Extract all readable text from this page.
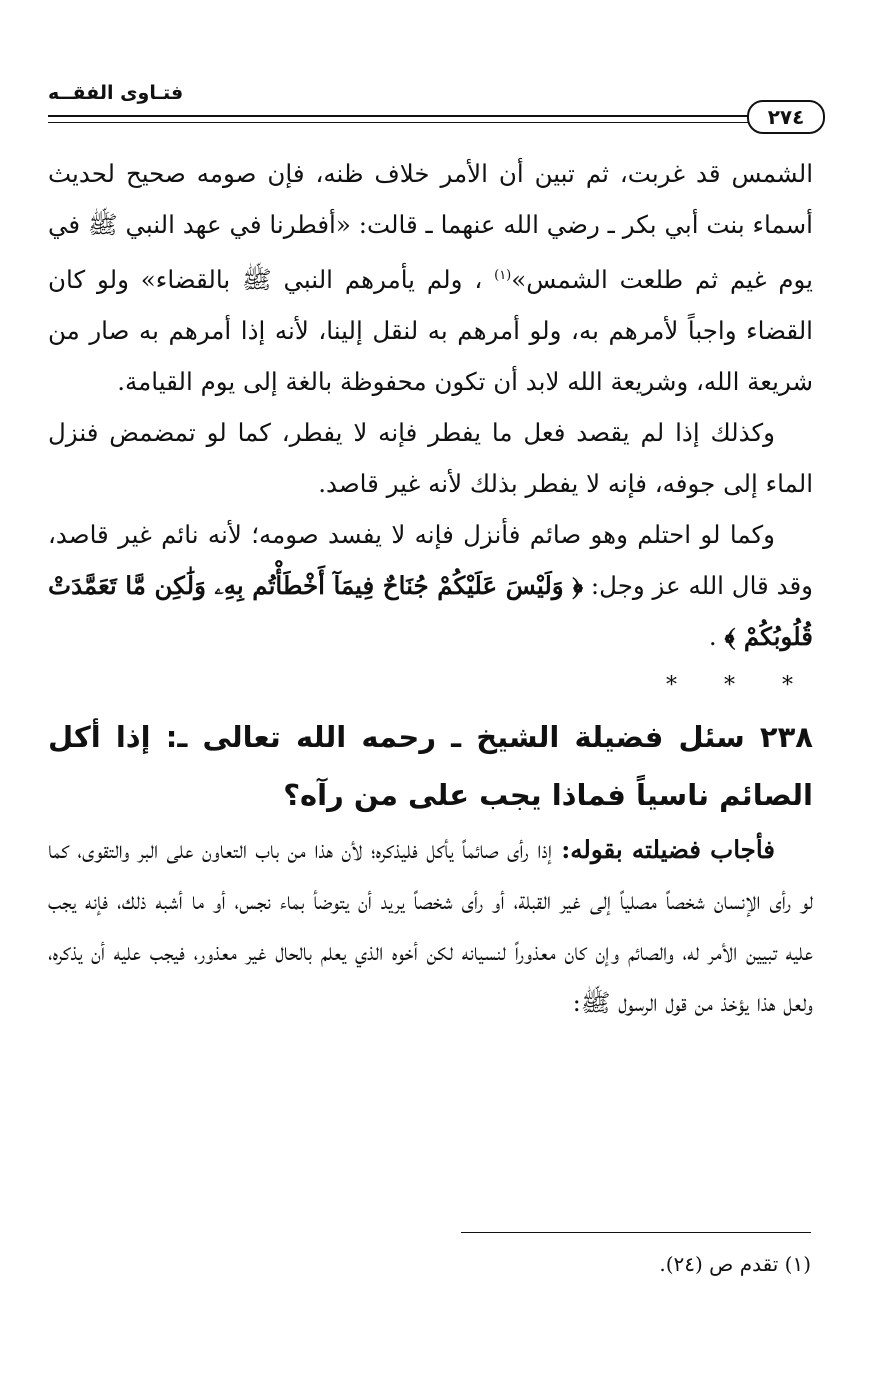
فتـاوى الفقــه
٢٧٤

الشمس قد غربت، ثم تبين أن الأمر خلاف ظنه، فإن صومه صحيح لحديث أسماء بنت أبي بكر ـ رضي الله عنهما ـ قالت: «أفطرنا في عهد النبي ﷺ في يوم غيم ثم طلعت الشمس»$^{(١)}$ ، ولم يأمرهم النبي ﷺ بالقضاء» ولو كان القضاء واجباً لأمرهم به، ولو أمرهم به لنقل إلينا، لأنه إذا أمرهم به صار من شريعة الله، وشريعة الله لابد أن تكون محفوظة بالغة إلى يوم القيامة.

وكذلك إذا لم يقصد فعل ما يفطر فإنه لا يفطر، كما لو تمضمض فنزل الماء إلى جوفه، فإنه لا يفطر بذلك لأنه غير قاصد.

وكما لو احتلم وهو صائم فأنزل فإنه لا يفسد صومه؛ لأنه نائم غير قاصد، وقد قال الله عز وجل: ﴿ وَلَيْسَ عَلَيْكُمْ جُنَاحٌ فِيمَآ أَخْطَأْتُم بِهِۦ وَلَٰكِن مَّا تَعَمَّدَتْ قُلُوبُكُمْ ﴾ .

* * *

٢٣٨ سئل فضيلة الشيخ ـ رحمه الله تعالى ـ: إذا أكل الصائم ناسياً فماذا يجب على من رآه؟

فأجاب فضيلته بقوله: إذا رأى صائماً يأكل فليذكره؛ لأن هذا من باب التعاون على البر والتقوى، كما لو رأى الإنسان شخصاً مصلياً إلى غير القبلة، أو رأى شخصاً يريد أن يتوضأ بماء نجس، أو ما أشبه ذلك، فإنه يجب عليه تبيين الأمر له، والصائم وإن كان معذوراً لنسيانه لكن أخوه الذي يعلم بالحال غير معذور، فيجب عليه أن يذكره، ولعل هذا يؤخذ من قول الرسول ﷺ:

(١) تقدم ص (٢٤).
